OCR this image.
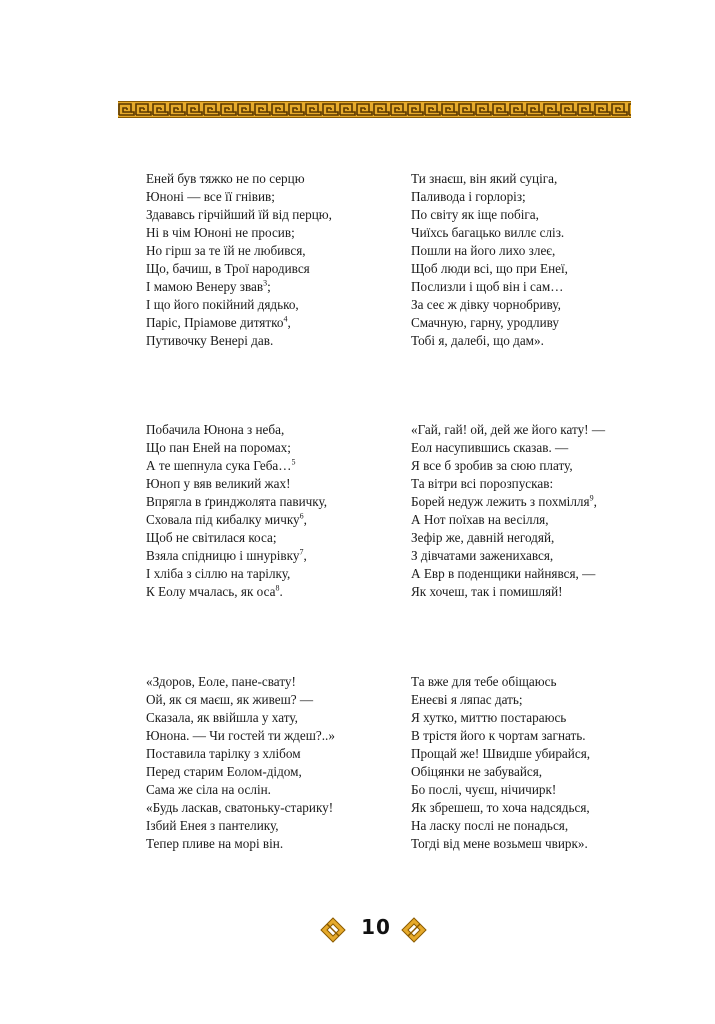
Еней був тяжко не по серцю
Юноні — все її гнівив;
Здававсь гірчійший їй від перцю,
Ні в чім Юноні не просив;
Но гірш за те їй не любився,
Що, бачиш, в Трої народився
І мамою Венеру звав$^3$;
І що його покійний дядько,
Паріс, Пріамове дитятко$^4$,
Путивочку Венері дав.
Ти знаєш, він який суціга,
Паливода і горлоріз;
По світу як іще побіга,
Чиїхсь багацько виллє сліз.
Пошли на його лихо злеє,
Щоб люди всі, що при Енеї,
Послизли і щоб він і сам…
За сеє ж дівку чорнобриву,
Смачную, гарну, уродливу
Тобі я, далебі, що дам».
Побачила Юнона з неба,
Що пан Еней на поромах;
А те шепнула сука Геба…$^5$
Юноп у вяв великий жах!
Впрягла в ґринджолята павичку,
Сховала під кибалку мичку$^6$,
Щоб не світилася коса;
Взяла спідницю і шнурівку$^7$,
І хліба з сіллю на тарілку,
К Еолу мчалась, як оса$^8$.
«Гай, гай! ой, дей же його кату! —
Еол насупившись сказав. —
Я все б зробив за сюю плату,
Та вітри всі порозпускав:
Борей недуж лежить з похмілля$^9$,
А Нот поїхав на весілля,
Зефір же, давній негодяй,
З дівчатами заженихався,
А Евр в поденщики найнявся, —
Як хочеш, так і помишляй!
«Здоров, Еоле, пане-свату!
Ой, як ся маєш, як живеш? —
Сказала, як ввійшла у хату,
Юнона. — Чи гостей ти ждеш?..»
Поставила тарілку з хлібом
Перед старим Еолом-дідом,
Сама же сіла на ослін.
«Будь ласкав, сватоньку-старику!
Ізбий Енея з пантелику,
Тепер пливе на морі він.
Та вже для тебе обіщаюсь
Енеєві я ляпас дать;
Я хутко, миттю постараюсь
В трістя його к чортам загнать.
Прощай же! Швидше убирайся,
Обіцянки не забувайся,
Бо послі, чуєш, нічичирк!
Як збрешеш, то хоча надсядься,
На ласку послі не понадься,
Тогді від мене возьмеш чвирк».
10
